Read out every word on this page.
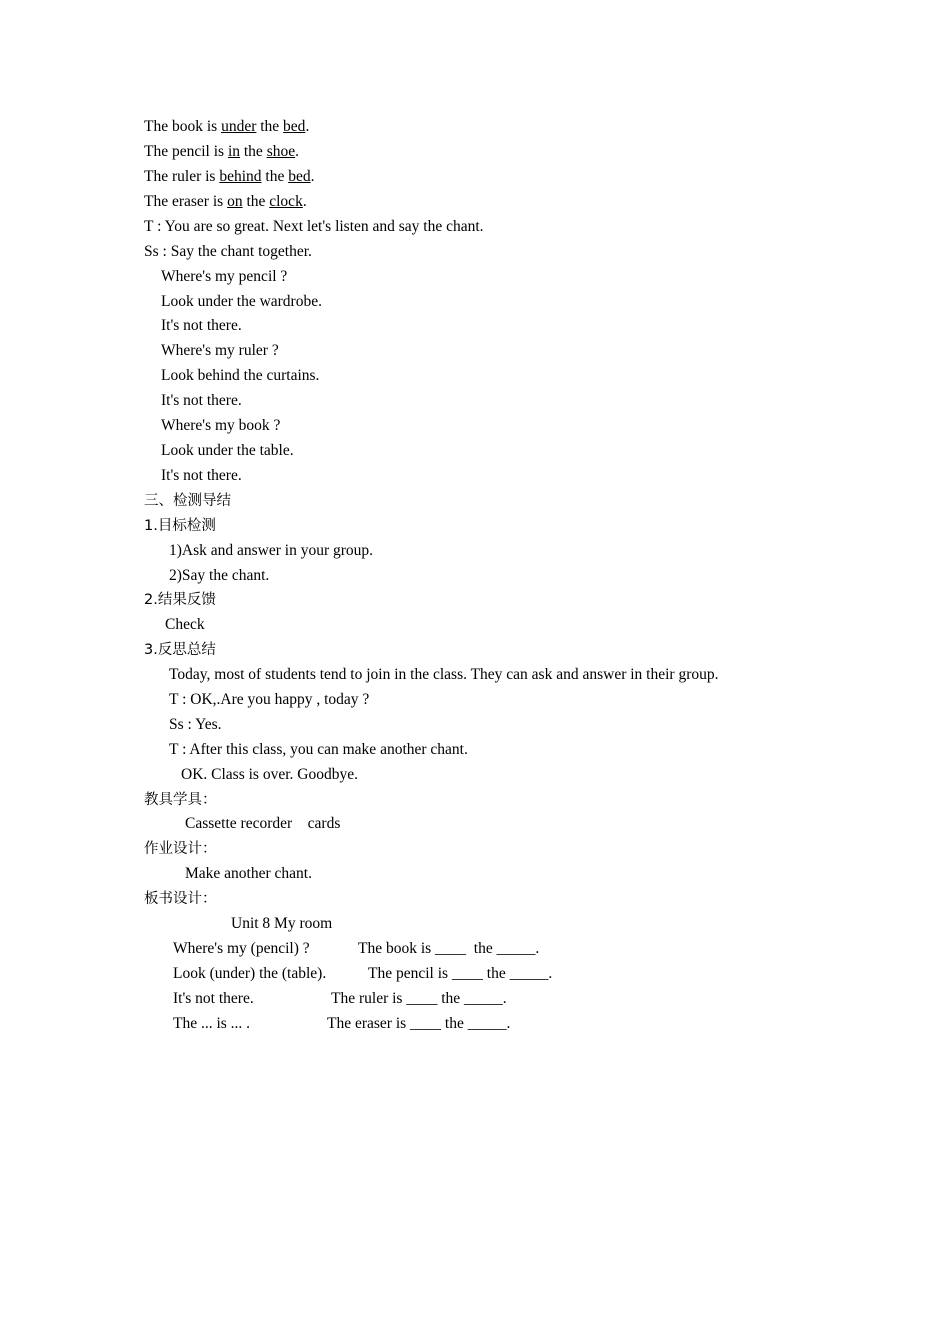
The book is under the bed.
The pencil is in the shoe.
The ruler is behind the bed.
The eraser is on the clock.
T : You are so great. Next let's listen and say the chant.
Ss : Say the chant together.
Where's my pencil ?
Look under the wardrobe.
It's not there.
Where's my ruler ?
Look behind the curtains.
It's not there.
Where's my book ?
Look under the table.
It's not there.
三、检测导结
1.目标检测
1)Ask and answer in your group.
2)Say the chant.
2.结果反馈
Check
3.反思总结
Today, most of students tend to join in the class. They can ask and answer in their group.
T : OK,.Are you happy , today ?
Ss : Yes.
T : After this class, you can make another chant.
OK. Class is over. Goodbye.
教具学具：
Cassette recorder    cards
作业设计：
Make another chant.
板书设计：
Unit 8 My room
Where's my (pencil) ?
Look (under) the (table).
It's not there.
The ... is ... .
The book is ____  the _____.
The pencil is ____ the _____.
The ruler is ____ the _____.
The eraser is ____ the _____.
